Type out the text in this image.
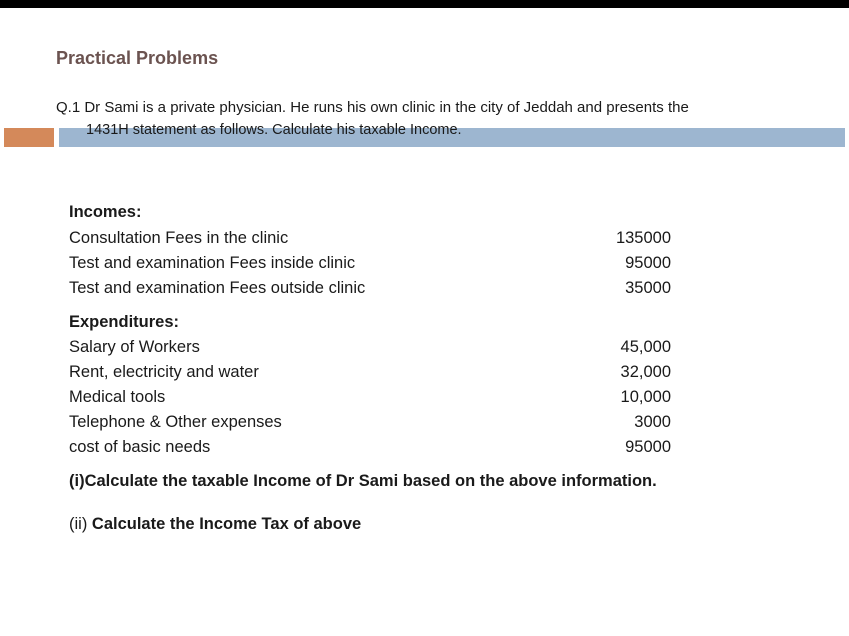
Practical Problems
Q.1 Dr Sami is a private physician. He runs his own clinic in the city of Jeddah and presents the
1431H statement as follows. Calculate his taxable Income.
Incomes:
Consultation Fees in the clinic	135000
Test and examination Fees inside clinic	95000
Test and examination Fees outside clinic	35000
Expenditures:
Salary of Workers	45,000
Rent, electricity and water	32,000
Medical tools	10,000
Telephone & Other expenses	3000
cost of basic needs	95000
(i)Calculate the taxable Income of Dr Sami based on the above information.
(ii) Calculate the Income Tax of above
